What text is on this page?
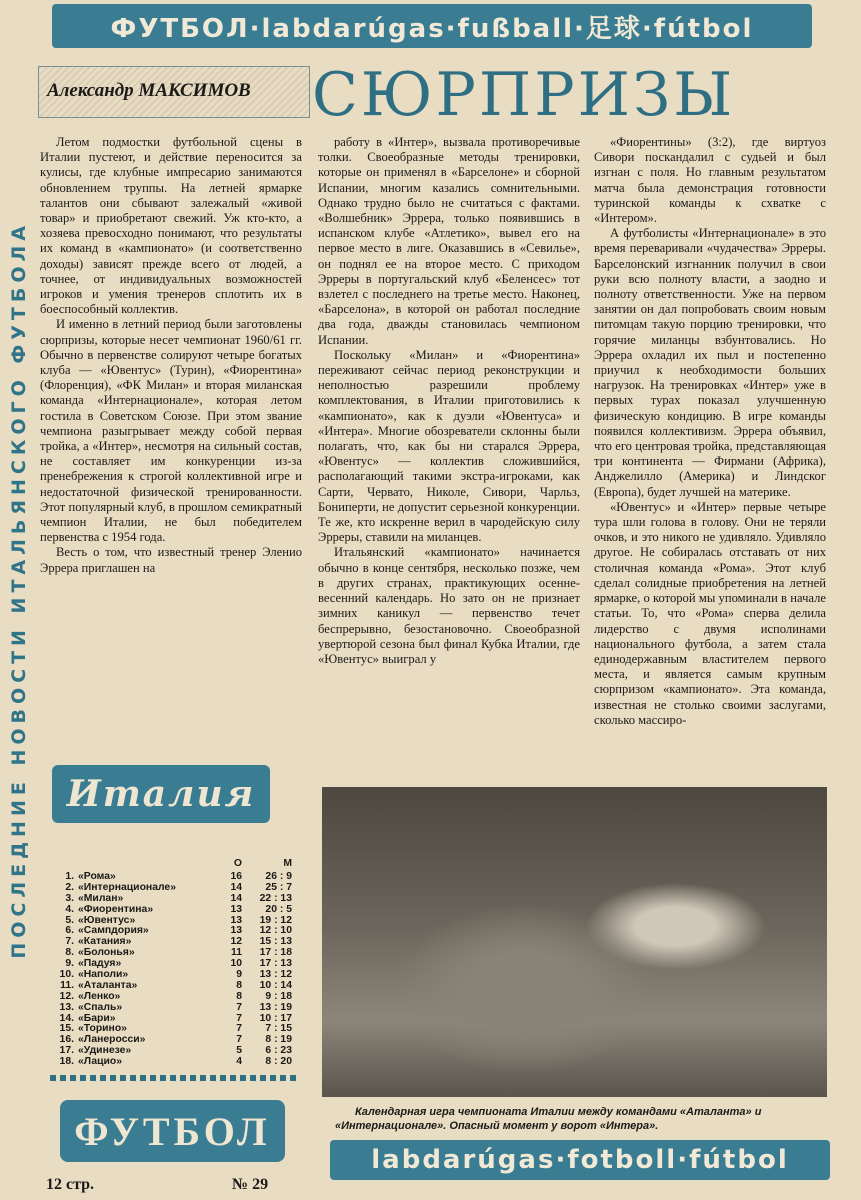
ФУТБОЛ·labdarúgas·fußball·足球·fútbol
ПОСЛЕДНИЕ НОВОСТИ ИТАЛЬЯНСКОГО ФУТБОЛА
Александр МАКСИМОВ СЮРПРИЗЫ

Летом подмостки футбольной сцены в Италии пустеют, и действие переносится за кулисы, где клубные импресарио занимаются обновлением труппы. На летней ярмарке талантов они сбывают залежалый «живой товар» и приобретают свежий. Уж кто-кто, а хозяева превосходно понимают, что результаты их команд в «кампионато» (и соответственно доходы) зависят прежде всего от людей, а точнее, от индивидуальных возможностей игроков и умения тренеров сплотить их в боеспособный коллектив.

И именно в летний период были заготовлены сюрпризы, которые несет чемпионат 1960/61 гг. Обычно в первенстве солируют четыре богатых клуба — «Ювентус» (Турин), «Фиорентина» (Флоренция), «ФК Милан» и вторая миланская команда «Интернационале», которая летом гостила в Советском Союзе. При этом звание чемпиона разыгрывает между собой первая тройка, а «Интер», несмотря на сильный состав, не составляет им конкуренции из-за пренебрежения к строгой коллективной игре и недостаточной физической тренированности. Этот популярный клуб, в прошлом семикратный чемпион Италии, не был победителем первенства с 1954 года.

Весть о том, что известный тренер Эленио Эррера приглашен на

работу в «Интер», вызвала противоречивые толки. Своеобразные методы тренировки, которые он применял в «Барселоне» и сборной Испании, многим казались сомнительными. Однако трудно было не считаться с фактами. «Волшебник» Эррера, только появившись в испанском клубе «Атлетико», вывел его на первое место в лиге. Оказавшись в «Севилье», он поднял ее на второе место. С приходом Эрреры в португальский клуб «Беленсес» тот взлетел с последнего на третье место. Наконец, «Барселона», в которой он работал последние два года, дважды становилась чемпионом Испании.

Поскольку «Милан» и «Фиорентина» переживают сейчас период реконструкции и неполностью разрешили проблему комплектования, в Италии приготовились к «кампионато», как к дуэли «Ювентуса» и «Интера». Многие обозреватели склонны были полагать, что, как бы ни старался Эррера, «Ювентус» — коллектив сложившийся, располагающий такими экстра-игроками, как Сарти, Червато, Николе, Сивори, Чарльз, Бониперти, не допустит серьезной конкуренции. Те же, кто искренне верил в чародейскую силу Эрреры, ставили на миланцев.

Итальянский «кампионато» начинается обычно в конце сентября, несколько позже, чем в других странах, практикующих осенне-весенний календарь. Но зато он не признает зимних каникул — первенство течет беспрерывно, безостановочно. Своеобразной увертюрой сезона был финал Кубка Италии, где «Ювентус» выиграл у

«Фиорентины» (3:2), где виртуоз Сивори поскандалил с судьей и был изгнан с поля. Но главным результатом матча была демонстрация готовности туринской команды к схватке с «Интером».

А футболисты «Интернационале» в это время переваривали «чудачества» Эрреры. Барселонский изгнанник получил в свои руки всю полноту власти, а заодно и полноту ответственности. Уже на первом занятии он дал попробовать своим новым питомцам такую порцию тренировки, что горячие миланцы взбунтовались. Но Эррера охладил их пыл и постепенно приучил к необходимости больших нагрузок. На тренировках «Интер» уже в первых турах показал улучшенную физическую кондицию. В игре команды появился коллективизм. Эррера объявил, что его центровая тройка, представляющая три континента — Фирмани (Африка), Анджелилло (Америка) и Линдског (Европа), будет лучшей на материке.

«Ювентус» и «Интер» первые четыре тура шли голова в голову. Они не теряли очков, и это никого не удивляло. Удивляло другое. Не собиралась отставать от них столичная команда «Рома». Этот клуб сделал солидные приобретения на летней ярмарке, о которой мы упоминали в начале статьи. То, что «Рома» сперва делила лидерство с двумя исполинами национального футбола, а затем стала единодержавным властителем первого места, и является самым крупным сюрпризом «кампионато». Эта команда, известная не столько своими заслугами, сколько массиро-

Италия
О	М
1. «Рома»	16	26 : 9
2. «Интернационале»	14	25 : 7
3. «Милан»	14	22 : 13
4. «Фиорентина»	13	20 : 5
5. «Ювентус»	13	19 : 12
6. «Сампдория»	13	12 : 10
7. «Катания»	12	15 : 13
8. «Болонья»	11	17 : 18
9. «Падуя»	10	17 : 13
10. «Наполи»	9	13 : 12
11. «Аталанта»	8	10 : 14
12. «Ленко»	8	9 : 18
13. «Спаль»	7	13 : 19
14. «Бари»	7	10 : 17
15. «Торино»	7	7 : 15
16. «Ланеросси»	7	8 : 19
17. «Удинезе»	5	6 : 23
18. «Лацио»	4	8 : 20
ФУТБОЛ
12 стр.	№ 29
Календарная игра чемпионата Италии между командами «Аталанта» и «Интернационале». Опасный момент у ворот «Интера».
labdarúgas·fotboll·fútbol
